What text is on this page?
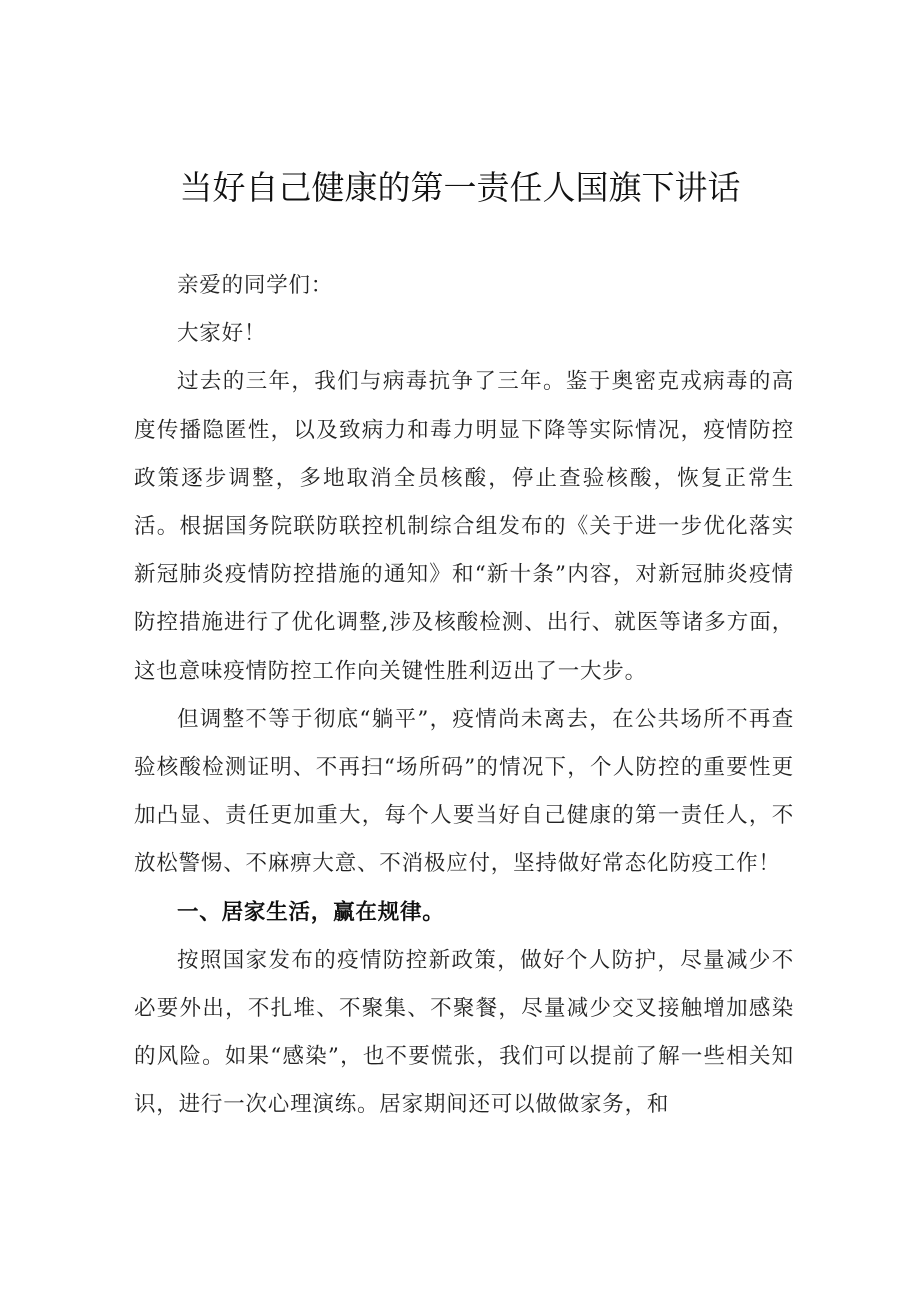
当好自己健康的第一责任人国旗下讲话

亲爱的同学们：

大家好！

过去的三年，我们与病毒抗争了三年。鉴于奥密克戎病毒的高度传播隐匿性，以及致病力和毒力明显下降等实际情况，疫情防控政策逐步调整，多地取消全员核酸，停止查验核酸，恢复正常生活。根据国务院联防联控机制综合组发布的《关于进一步优化落实新冠肺炎疫情防控措施的通知》和“新十条”内容，对新冠肺炎疫情防控措施进行了优化调整,涉及核酸检测、出行、就医等诸多方面，这也意味疫情防控工作向关键性胜利迈出了一大步。

但调整不等于彻底“躺平”，疫情尚未离去，在公共场所不再查验核酸检测证明、不再扫“场所码”的情况下，个人防控的重要性更加凸显、责任更加重大，每个人要当好自己健康的第一责任人，不放松警惕、不麻痹大意、不消极应付，坚持做好常态化防疫工作！

一、居家生活，赢在规律。

按照国家发布的疫情防控新政策，做好个人防护，尽量减少不必要外出，不扎堆、不聚集、不聚餐，尽量减少交叉接触增加感染的风险。如果“感染”，也不要慌张，我们可以提前了解一些相关知识，进行一次心理演练。居家期间还可以做做家务，和
